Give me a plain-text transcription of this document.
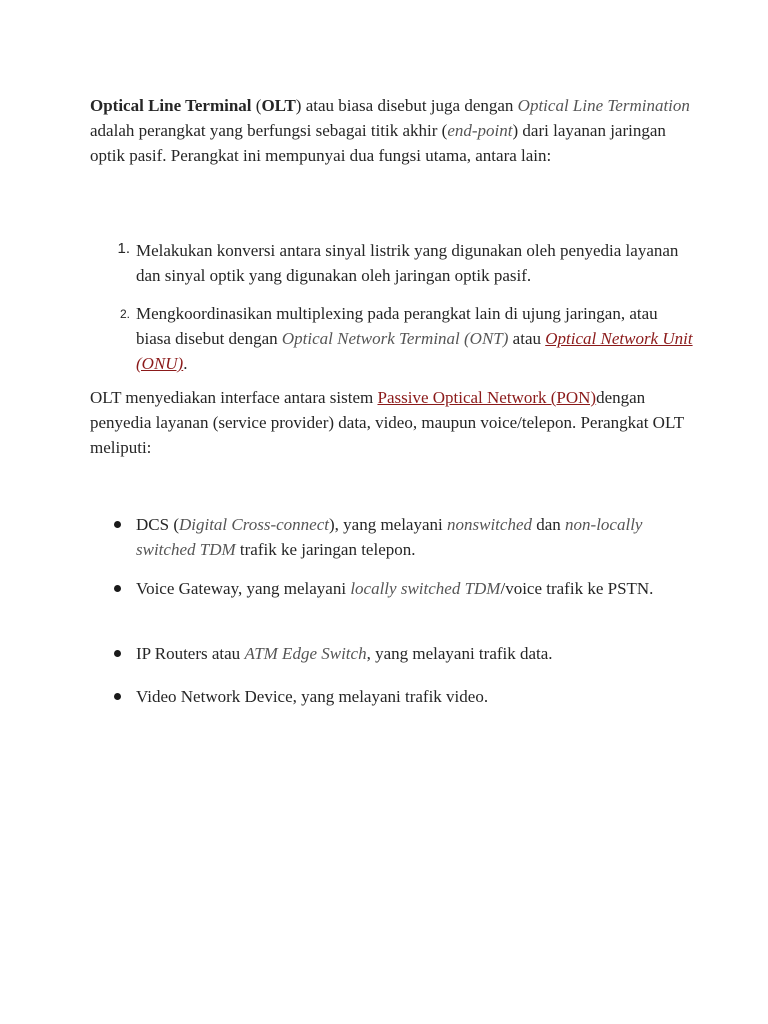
Optical Line Terminal (OLT) atau biasa disebut juga dengan Optical Line Termination adalah perangkat yang berfungsi sebagai titik akhir (end-point) dari layanan jaringan optik pasif. Perangkat ini mempunyai dua fungsi utama, antara lain:

1. Melakukan konversi antara sinyal listrik yang digunakan oleh penyedia layanan dan sinyal optik yang digunakan oleh jaringan optik pasif.

2. Mengkoordinasikan multiplexing pada perangkat lain di ujung jaringan, atau biasa disebut dengan Optical Network Terminal (ONT) atau Optical Network Unit (ONU).

OLT menyediakan interface antara sistem Passive Optical Network (PON)dengan penyedia layanan (service provider) data, video, maupun voice/telepon. Perangkat OLT meliputi:

DCS (Digital Cross-connect), yang melayani nonswitched dan non-locally switched TDM trafik ke jaringan telepon.

Voice Gateway, yang melayani locally switched TDM/voice trafik ke PSTN.

IP Routers atau ATM Edge Switch, yang melayani trafik data.

Video Network Device, yang melayani trafik video.
